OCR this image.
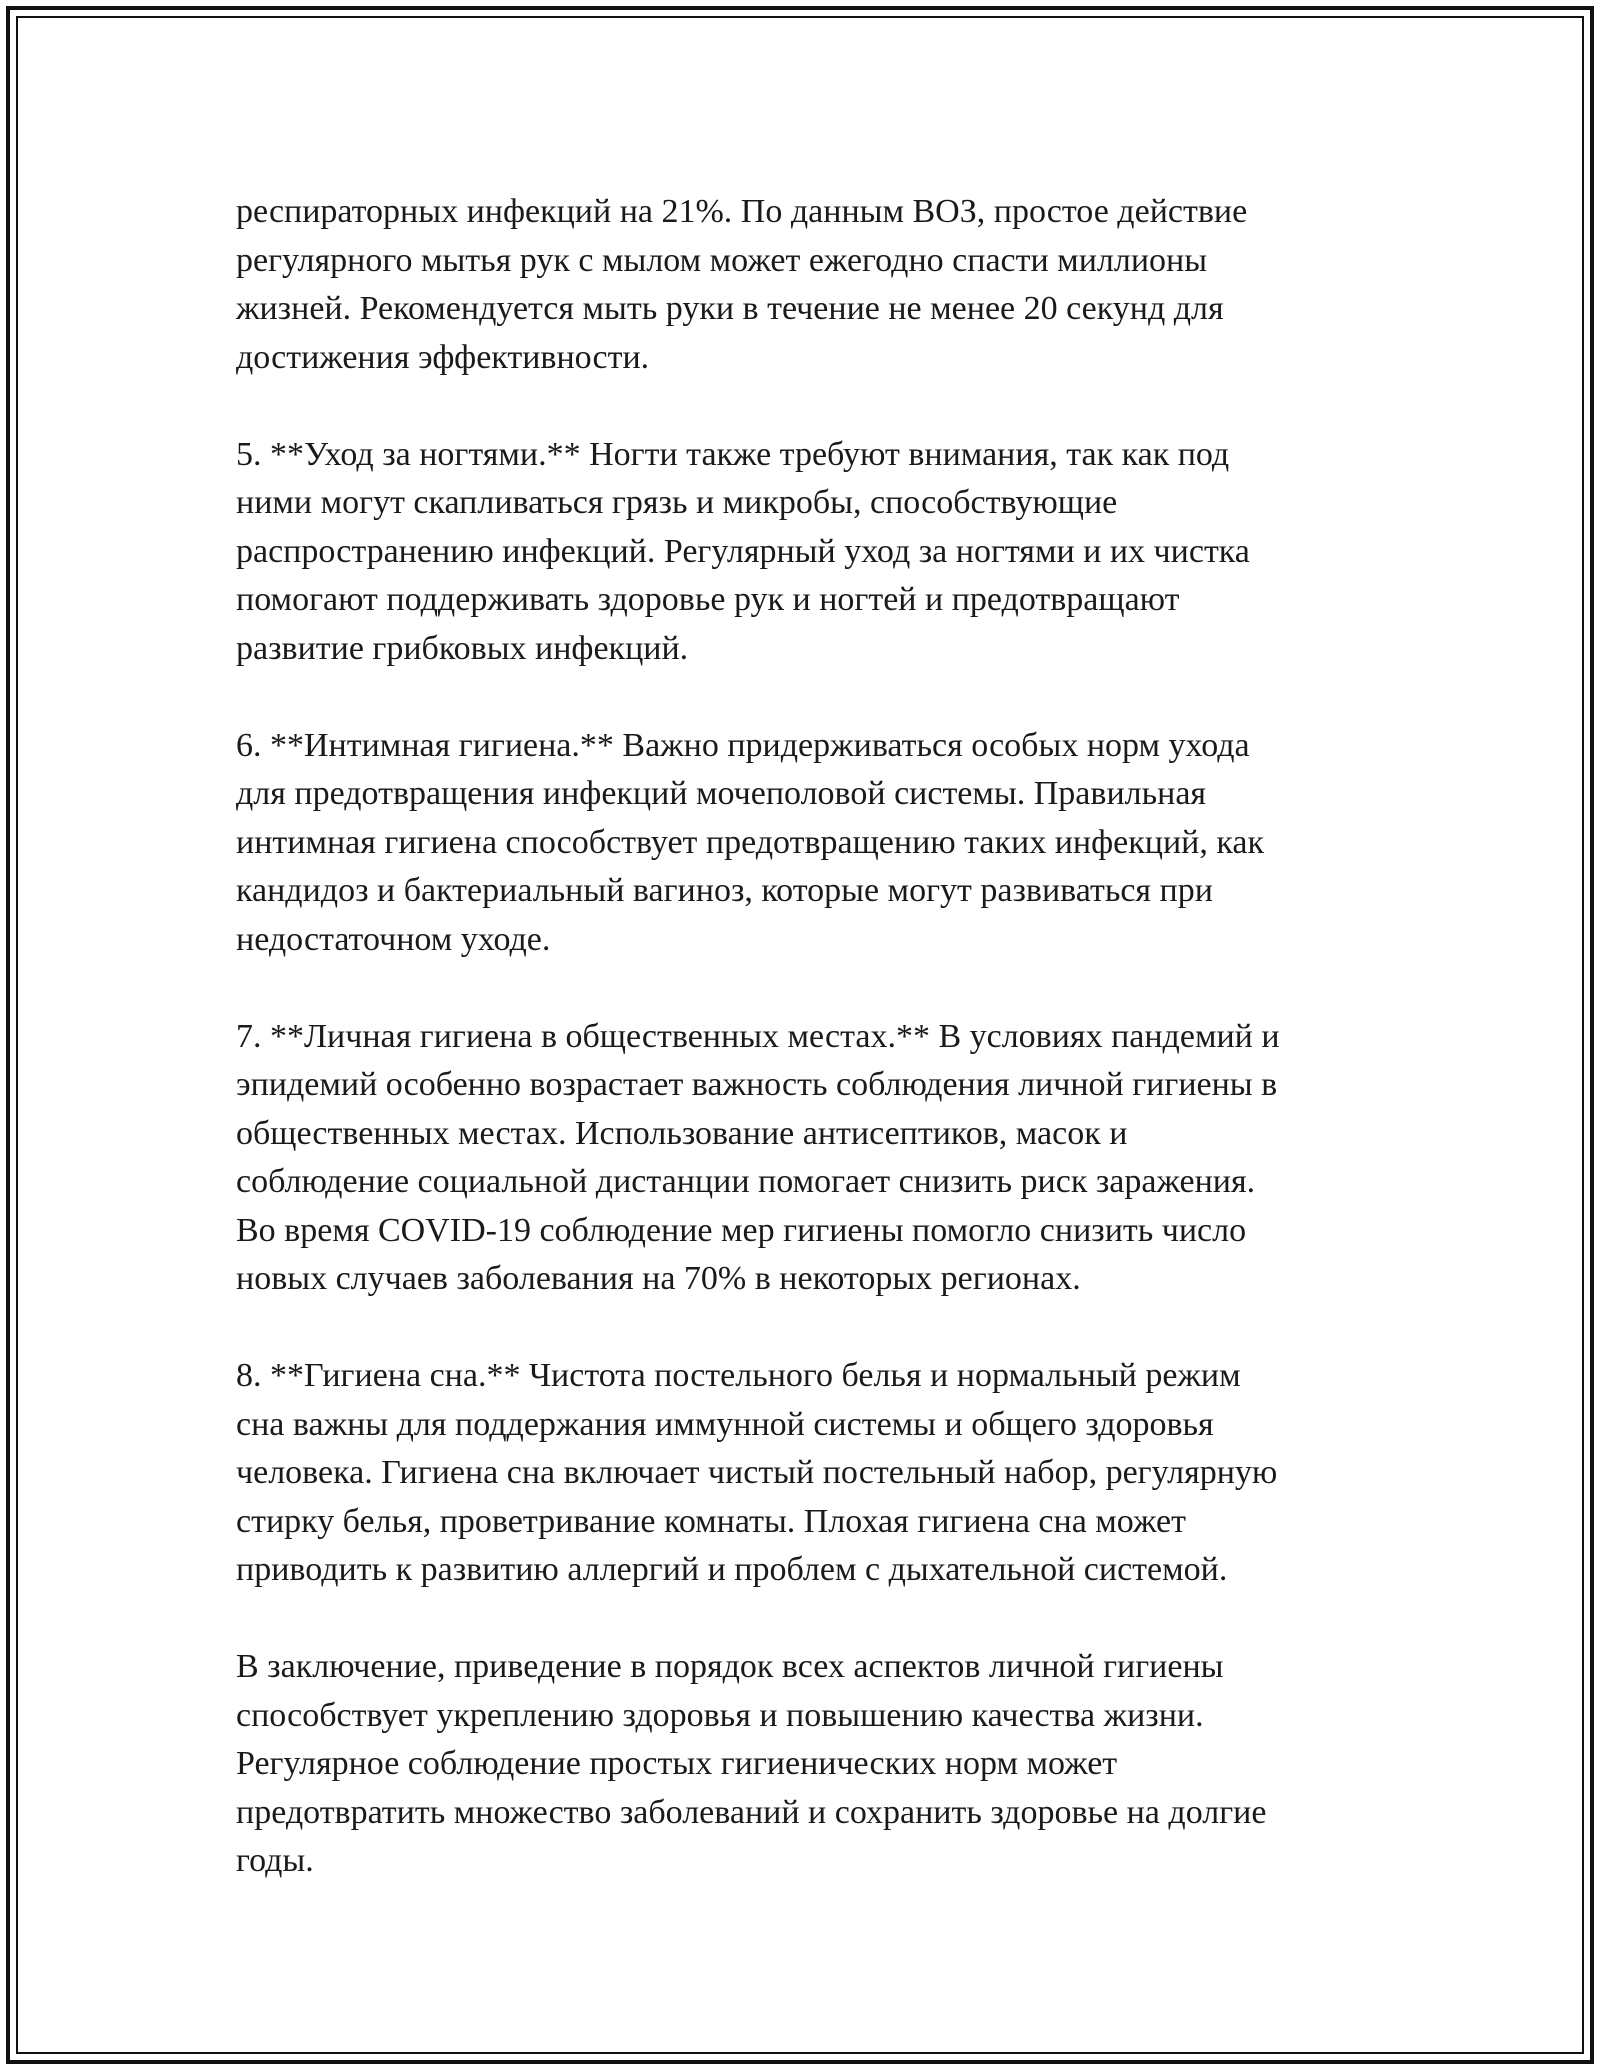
респираторных инфекций на 21%. По данным ВОЗ, простое действие
регулярного мытья рук с мылом может ежегодно спасти миллионы
жизней. Рекомендуется мыть руки в течение не менее 20 секунд для
достижения эффективности.

5. **Уход за ногтями.** Ногти также требуют внимания, так как под
ними могут скапливаться грязь и микробы, способствующие
распространению инфекций. Регулярный уход за ногтями и их чистка
помогают поддерживать здоровье рук и ногтей и предотвращают
развитие грибковых инфекций.

6. **Интимная гигиена.** Важно придерживаться особых норм ухода
для предотвращения инфекций мочеполовой системы. Правильная
интимная гигиена способствует предотвращению таких инфекций, как
кандидоз и бактериальный вагиноз, которые могут развиваться при
недостаточном уходе.

7. **Личная гигиена в общественных местах.** В условиях пандемий и
эпидемий особенно возрастает важность соблюдения личной гигиены в
общественных местах. Использование антисептиков, масок и
соблюдение социальной дистанции помогает снизить риск заражения.
Во время COVID-19 соблюдение мер гигиены помогло снизить число
новых случаев заболевания на 70% в некоторых регионах.

8. **Гигиена сна.** Чистота постельного белья и нормальный режим
сна важны для поддержания иммунной системы и общего здоровья
человека. Гигиена сна включает чистый постельный набор, регулярную
стирку белья, проветривание комнаты. Плохая гигиена сна может
приводить к развитию аллергий и проблем с дыхательной системой.

В заключение, приведение в порядок всех аспектов личной гигиены
способствует укреплению здоровья и повышению качества жизни.
Регулярное соблюдение простых гигиенических норм может
предотвратить множество заболеваний и сохранить здоровье на долгие
годы.
